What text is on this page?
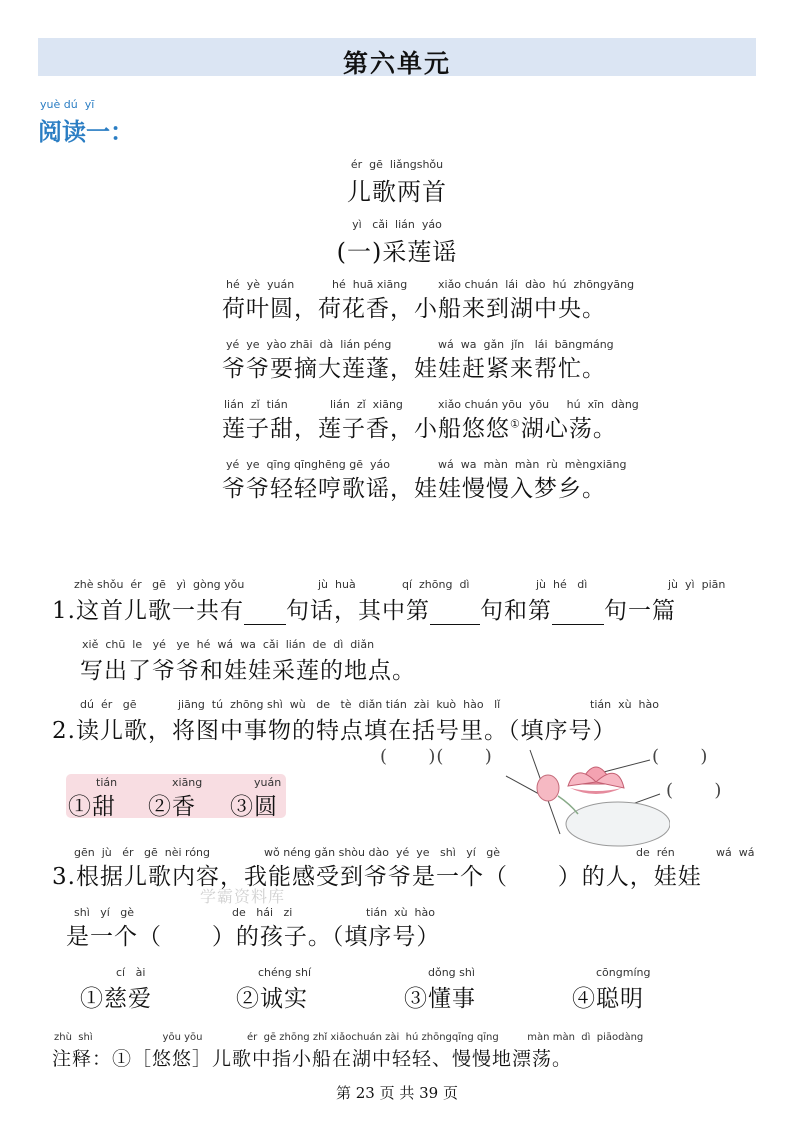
第六单元
yuè dú  yī
阅读一：
ér  gē  liǎngshǒu
儿歌两首
yì   cǎi  lián  yáo
(一)采莲谣
hé  yè  yuán	hé  huā xiāng	xiǎo chuán  lái  dào  hú  zhōngyāng
荷叶圆，荷花香，小船来到湖中央。
yé  ye  yào zhāi  dà  lián péng	wá  wa  gǎn  jǐn   lái  bāngmáng
爷爷要摘大莲蓬，娃娃赶紧来帮忙。
lián  zǐ  tián	lián  zǐ  xiāng	xiǎo chuán yōu  yōu     hú  xīn  dàng
莲子甜，莲子香，小船悠悠①湖心荡。
yé  ye  qīng qīnghēng gē  yáo	wá  wa  màn  màn  rù  mèngxiāng
爷爷轻轻哼歌谣，娃娃慢慢入梦乡。
zhè shǒu  ér   gē   yì  gòng yǒu	jù  huà	qí  zhōng  dì	jù  hé   dì	jù  yì  piān
1.这首儿歌一共有 句话，其中第 句和第 句一篇
xiě  chū  le   yé   ye  hé  wá  wa  cǎi  lián  de  dì  diǎn
写出了爷爷和娃娃采莲的地点。
dú  ér   gē	jiāng  tú  zhōng shì  wù   de   tè  diǎn tián  zài  kuò  hào   lǐ	tián  xù  hào
2.读儿歌，将图中事物的特点填在括号里。（填序号）
tián	xiāng	yuán
①甜 ②香 ③圆
(      )(      )	(      )
(      )
gēn  jù   ér   gē  nèi róng	wǒ néng gǎn shòu dào  yé  ye   shì   yí   gè	de  rén	wá  wá
3.根据儿歌内容，我能感受到爷爷是一个（      ）的人，娃娃
学霸资料库
shì   yí   gè	de   hái   zi	tián  xù  hào
是一个（      ）的孩子。（填序号）
cí   ài	chéng shí	dǒng shì	cōngmíng
①慈爱	②诚实	③懂事	④聪明
zhù  shì                      yōu yōu              ér  gē zhōng zhǐ xiǎochuán zài  hú zhōngqīng qīng         màn màn  dì  piāodàng
注释：①［悠悠］儿歌中指小船在湖中轻轻、慢慢地漂荡。
第 23 页 共 39 页
